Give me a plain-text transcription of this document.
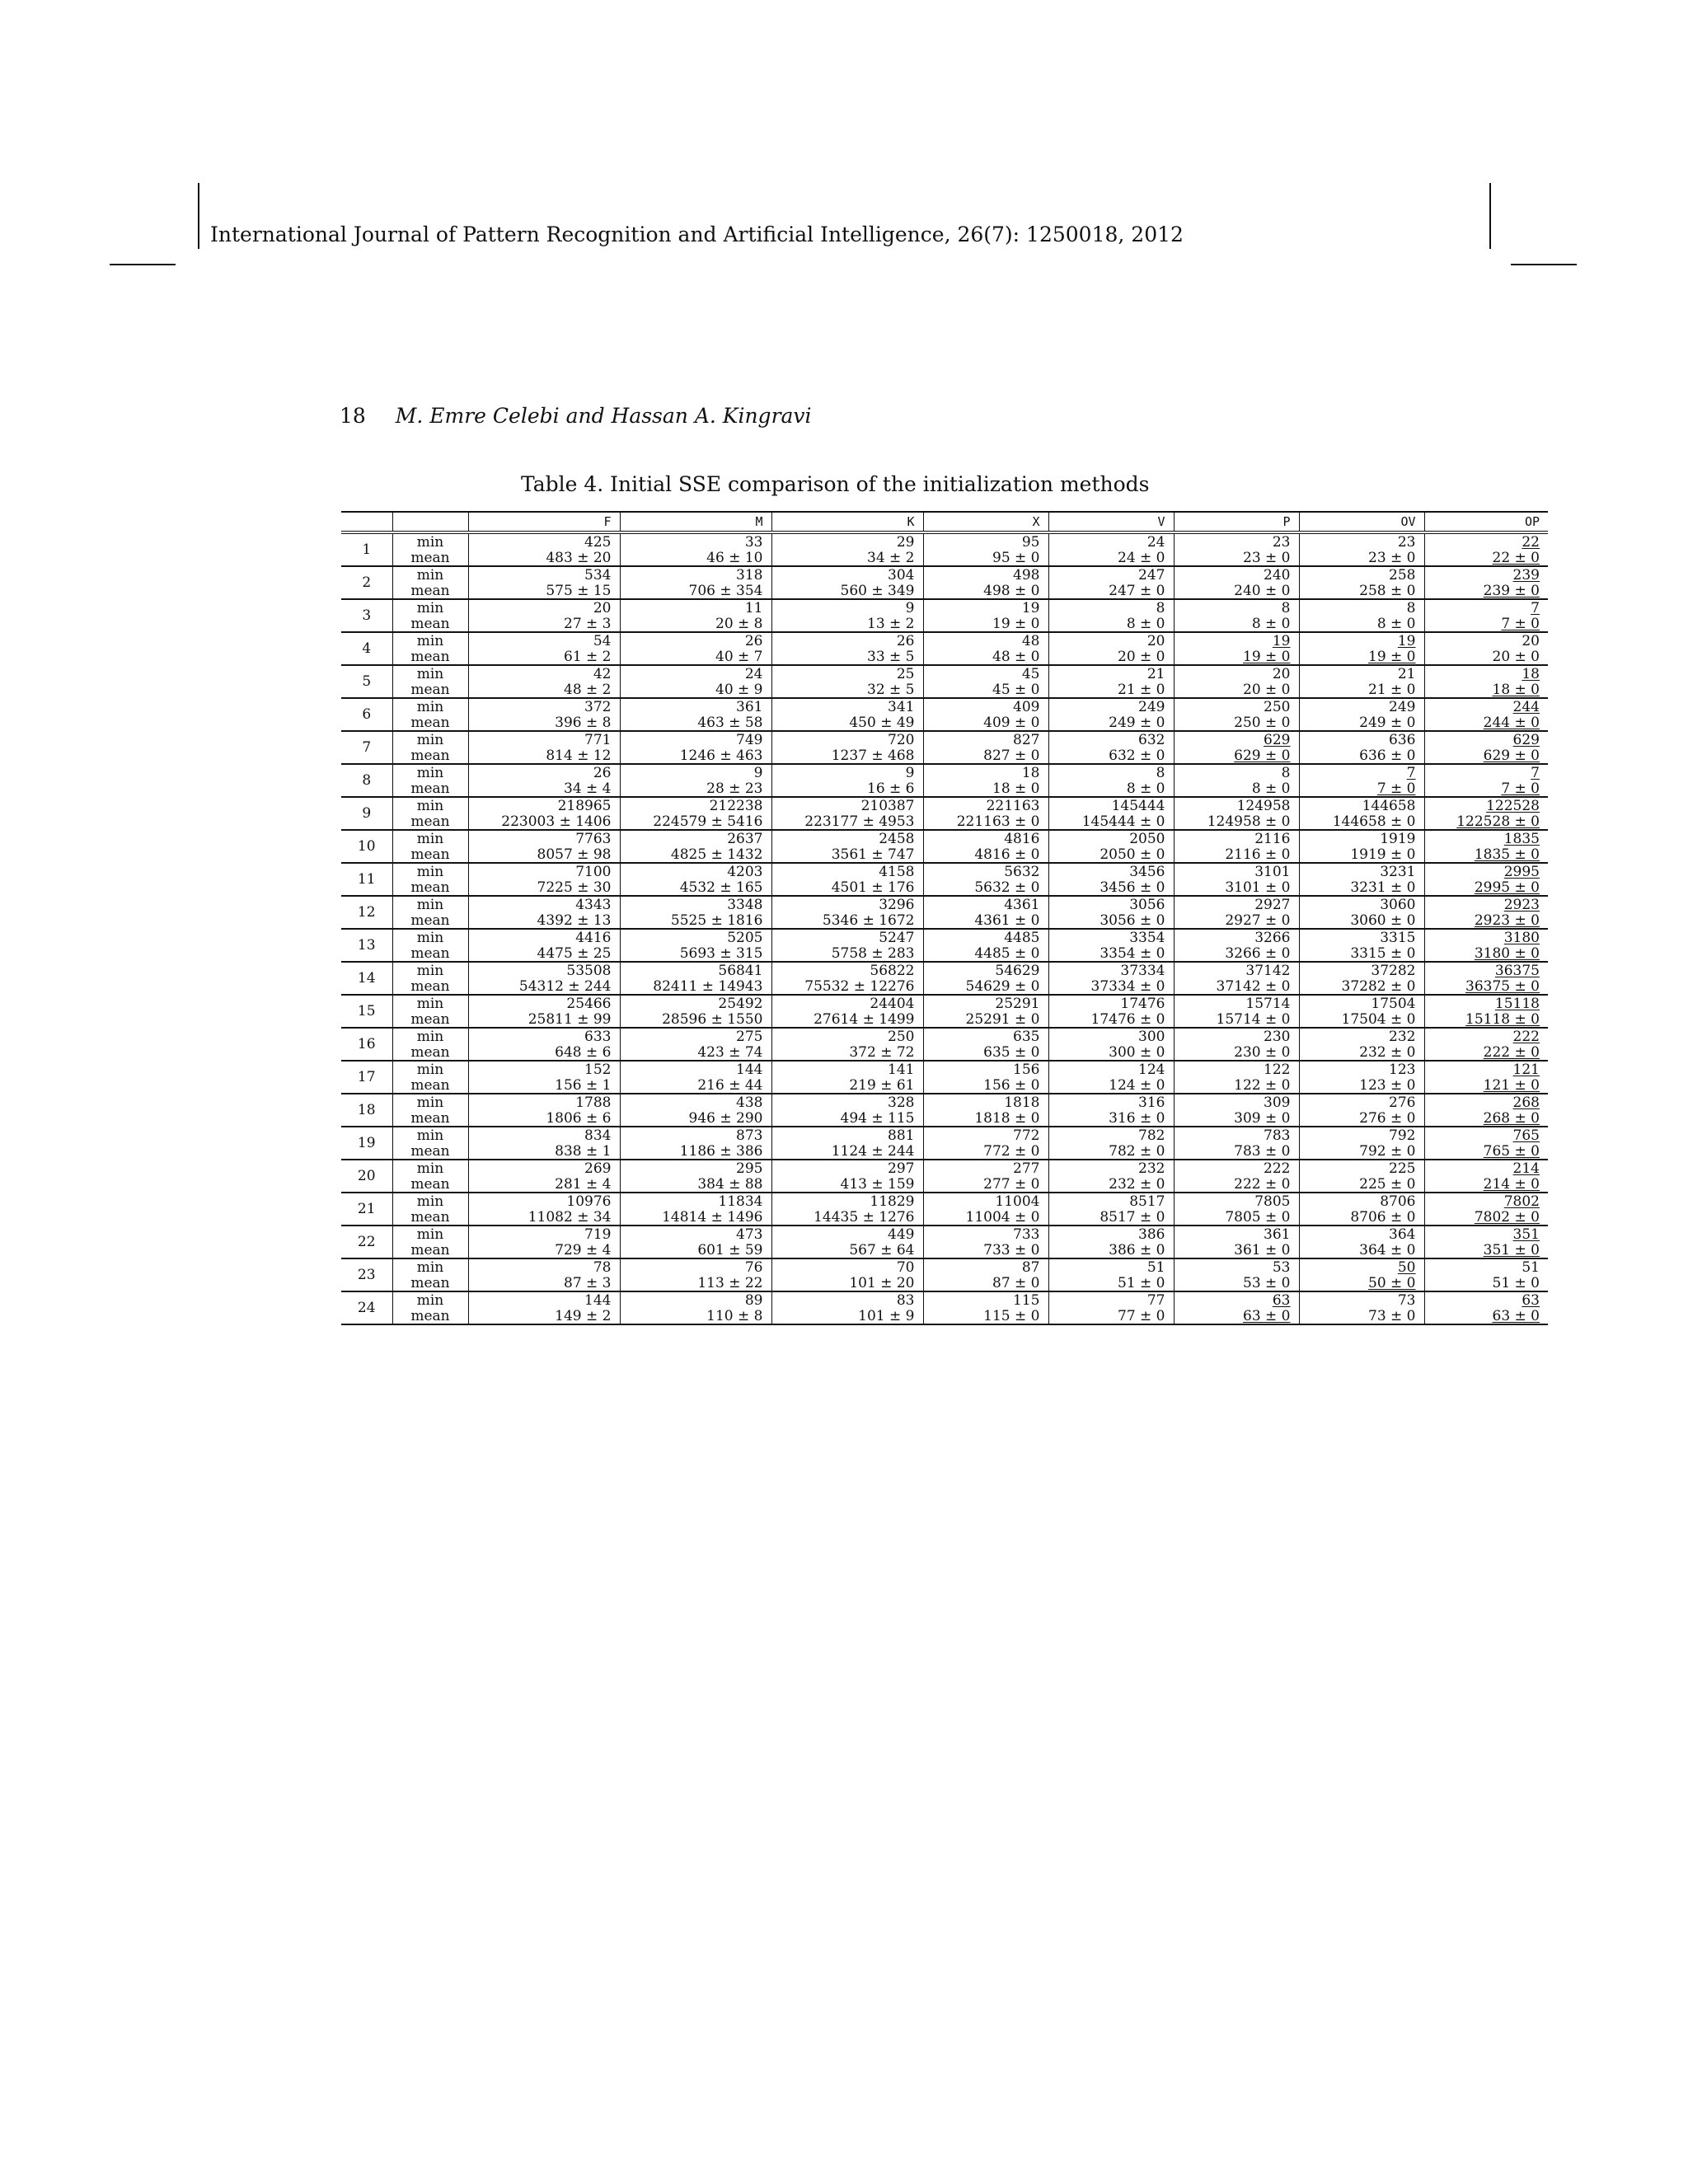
International Journal of Pattern Recognition and Artificial Intelligence, 26(7): 1250018, 2012
18 M. Emre Celebi and Hassan A. Kingravi
Table 4. Initial SSE comparison of the initialization methods
		F	M	K	X	V	P	OV	OP
1	min	425	33	29	95	24	23	23	22
	mean	483 ± 20	46 ± 10	34 ± 2	95 ± 0	24 ± 0	23 ± 0	23 ± 0	22 ± 0
2	min	534	318	304	498	247	240	258	239
	mean	575 ± 15	706 ± 354	560 ± 349	498 ± 0	247 ± 0	240 ± 0	258 ± 0	239 ± 0
3	min	20	11	9	19	8	8	8	7
	mean	27 ± 3	20 ± 8	13 ± 2	19 ± 0	8 ± 0	8 ± 0	8 ± 0	7 ± 0
4	min	54	26	26	48	20	19	19	20
	mean	61 ± 2	40 ± 7	33 ± 5	48 ± 0	20 ± 0	19 ± 0	19 ± 0	20 ± 0
5	min	42	24	25	45	21	20	21	18
	mean	48 ± 2	40 ± 9	32 ± 5	45 ± 0	21 ± 0	20 ± 0	21 ± 0	18 ± 0
6	min	372	361	341	409	249	250	249	244
	mean	396 ± 8	463 ± 58	450 ± 49	409 ± 0	249 ± 0	250 ± 0	249 ± 0	244 ± 0
7	min	771	749	720	827	632	629	636	629
	mean	814 ± 12	1246 ± 463	1237 ± 468	827 ± 0	632 ± 0	629 ± 0	636 ± 0	629 ± 0
8	min	26	9	9	18	8	8	7	7
	mean	34 ± 4	28 ± 23	16 ± 6	18 ± 0	8 ± 0	8 ± 0	7 ± 0	7 ± 0
9	min	218965	212238	210387	221163	145444	124958	144658	122528
	mean	223003 ± 1406	224579 ± 5416	223177 ± 4953	221163 ± 0	145444 ± 0	124958 ± 0	144658 ± 0	122528 ± 0
10	min	7763	2637	2458	4816	2050	2116	1919	1835
	mean	8057 ± 98	4825 ± 1432	3561 ± 747	4816 ± 0	2050 ± 0	2116 ± 0	1919 ± 0	1835 ± 0
11	min	7100	4203	4158	5632	3456	3101	3231	2995
	mean	7225 ± 30	4532 ± 165	4501 ± 176	5632 ± 0	3456 ± 0	3101 ± 0	3231 ± 0	2995 ± 0
12	min	4343	3348	3296	4361	3056	2927	3060	2923
	mean	4392 ± 13	5525 ± 1816	5346 ± 1672	4361 ± 0	3056 ± 0	2927 ± 0	3060 ± 0	2923 ± 0
13	min	4416	5205	5247	4485	3354	3266	3315	3180
	mean	4475 ± 25	5693 ± 315	5758 ± 283	4485 ± 0	3354 ± 0	3266 ± 0	3315 ± 0	3180 ± 0
14	min	53508	56841	56822	54629	37334	37142	37282	36375
	mean	54312 ± 244	82411 ± 14943	75532 ± 12276	54629 ± 0	37334 ± 0	37142 ± 0	37282 ± 0	36375 ± 0
15	min	25466	25492	24404	25291	17476	15714	17504	15118
	mean	25811 ± 99	28596 ± 1550	27614 ± 1499	25291 ± 0	17476 ± 0	15714 ± 0	17504 ± 0	15118 ± 0
16	min	633	275	250	635	300	230	232	222
	mean	648 ± 6	423 ± 74	372 ± 72	635 ± 0	300 ± 0	230 ± 0	232 ± 0	222 ± 0
17	min	152	144	141	156	124	122	123	121
	mean	156 ± 1	216 ± 44	219 ± 61	156 ± 0	124 ± 0	122 ± 0	123 ± 0	121 ± 0
18	min	1788	438	328	1818	316	309	276	268
	mean	1806 ± 6	946 ± 290	494 ± 115	1818 ± 0	316 ± 0	309 ± 0	276 ± 0	268 ± 0
19	min	834	873	881	772	782	783	792	765
	mean	838 ± 1	1186 ± 386	1124 ± 244	772 ± 0	782 ± 0	783 ± 0	792 ± 0	765 ± 0
20	min	269	295	297	277	232	222	225	214
	mean	281 ± 4	384 ± 88	413 ± 159	277 ± 0	232 ± 0	222 ± 0	225 ± 0	214 ± 0
21	min	10976	11834	11829	11004	8517	7805	8706	7802
	mean	11082 ± 34	14814 ± 1496	14435 ± 1276	11004 ± 0	8517 ± 0	7805 ± 0	8706 ± 0	7802 ± 0
22	min	719	473	449	733	386	361	364	351
	mean	729 ± 4	601 ± 59	567 ± 64	733 ± 0	386 ± 0	361 ± 0	364 ± 0	351 ± 0
23	min	78	76	70	87	51	53	50	51
	mean	87 ± 3	113 ± 22	101 ± 20	87 ± 0	51 ± 0	53 ± 0	50 ± 0	51 ± 0
24	min	144	89	83	115	77	63	73	63
	mean	149 ± 2	110 ± 8	101 ± 9	115 ± 0	77 ± 0	63 ± 0	73 ± 0	63 ± 0
